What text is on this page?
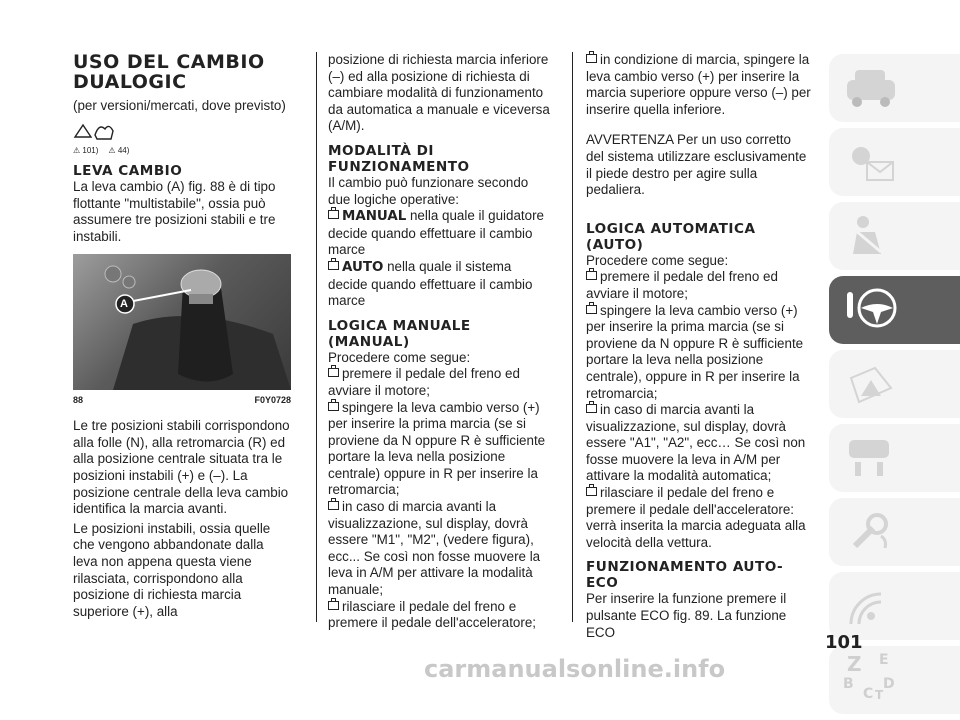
USO DEL CAMBIO DUALOGIC

(per versioni/mercati, dove previsto)

⚠ 101) ⚠ 44)
LEVA CAMBIO

La leva cambio (A) fig. 88 è di tipo flottante "multistabile", ossia può assumere tre posizioni stabili e tre instabili.

A
88	F0Y0728

Le tre posizioni stabili corrispondono alla folle (N), alla retromarcia (R) ed alla posizione centrale situata tra le posizioni instabili (+) e (–). La posizione centrale della leva cambio identifica la marcia avanti.

Le posizioni instabili, ossia quelle che vengono abbandonate dalla leva non appena questa viene rilasciata, corrispondono alla posizione di richiesta marcia superiore (+), alla

posizione di richiesta marcia inferiore (–) ed alla posizione di richiesta di cambiare modalità di funzionamento da automatica a manuale e viceversa (A/M).

MODALITÀ DI FUNZIONAMENTO

Il cambio può funzionare secondo due logiche operative:

MANUAL nella quale il guidatore decide quando effettuare il cambio marce

AUTO nella quale il sistema decide quando effettuare il cambio marce

LOGICA MANUALE (MANUAL)

Procedere come segue:

premere il pedale del freno ed avviare il motore;

spingere la leva cambio verso (+) per inserire la prima marcia (se si proviene da N oppure R è sufficiente portare la leva nella posizione centrale) oppure in R per inserire la retromarcia;

in caso di marcia avanti la visualizzazione, sul display, dovrà essere "M1", "M2", (vedere figura), ecc... Se così non fosse muovere la leva in A/M per attivare la modalità manuale;

rilasciare il pedale del freno e premere il pedale dell'acceleratore;

in condizione di marcia, spingere la leva cambio verso (+) per inserire la marcia superiore oppure verso (–) per inserire quella inferiore.

AVVERTENZA Per un uso corretto del sistema utilizzare esclusivamente il piede destro per agire sulla pedaliera.

LOGICA AUTOMATICA (AUTO)

Procedere come segue:

premere il pedale del freno ed avviare il motore;

spingere la leva cambio verso (+) per inserire la prima marcia (se si proviene da N oppure R è sufficiente portare la leva nella posizione centrale), oppure in R per inserire la retromarcia;

in caso di marcia avanti la visualizzazione, sul display, dovrà essere "A1", "A2", ecc… Se così non fosse muovere la leva in A/M per attivare la modalità automatica;

rilasciare il pedale del freno e premere il pedale dell'acceleratore: verrà inserita la marcia adeguata alla velocità della vettura.

FUNZIONAMENTO AUTO-ECO

Per inserire la funzione premere il pulsante ECO fig. 89. La funzione ECO

Z E
B
C
D
T
101
carmanualsonline.info
